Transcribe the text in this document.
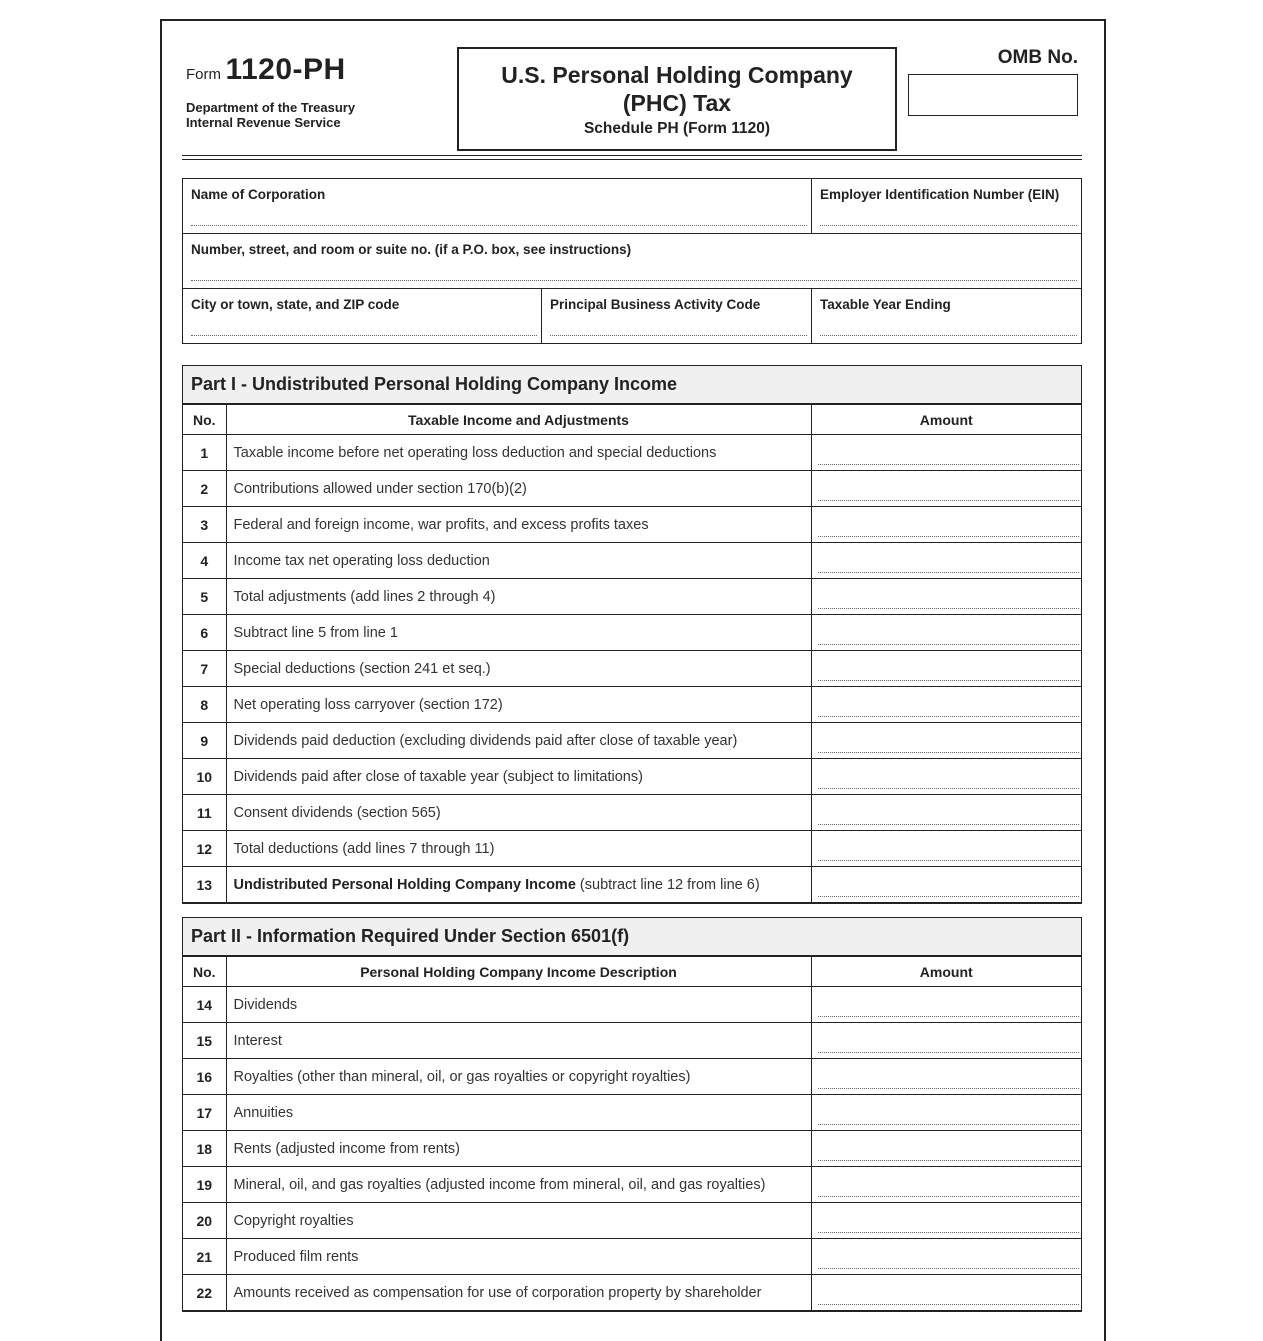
Form 1120-PH
Department of the Treasury
Internal Revenue Service
U.S. Personal Holding Company
(PHC) Tax
Schedule PH (Form 1120)
OMB No.
Name of Corporation	Employer Identification Number (EIN)
Number, street, and room or suite no. (if a P.O. box, see instructions)
City or town, state, and ZIP code	Principal Business Activity Code	Taxable Year Ending
Part I - Undistributed Personal Holding Company Income
No.	Taxable Income and Adjustments	Amount
1	Taxable income before net operating loss deduction and special deductions	

2	Contributions allowed under section 170(b)(2)	

3	Federal and foreign income, war profits, and excess profits taxes	

4	Income tax net operating loss deduction	

5	Total adjustments (add lines 2 through 4)	

6	Subtract line 5 from line 1	

7	Special deductions (section 241 et seq.)	

8	Net operating loss carryover (section 172)	

9	Dividends paid deduction (excluding dividends paid after close of taxable year)	

10	Dividends paid after close of taxable year (subject to limitations)	

11	Consent dividends (section 565)	

12	Total deductions (add lines 7 through 11)	

13	Undistributed Personal Holding Company Income (subtract line 12 from line 6)	
Part II - Information Required Under Section 6501(f)
No.	Personal Holding Company Income Description	Amount
14	Dividends	

15	Interest	

16	Royalties (other than mineral, oil, or gas royalties or copyright royalties)	

17	Annuities	

18	Rents (adjusted income from rents)	

19	Mineral, oil, and gas royalties (adjusted income from mineral, oil, and gas royalties)	

20	Copyright royalties	

21	Produced film rents	

22	Amounts received as compensation for use of corporation property by shareholder	
